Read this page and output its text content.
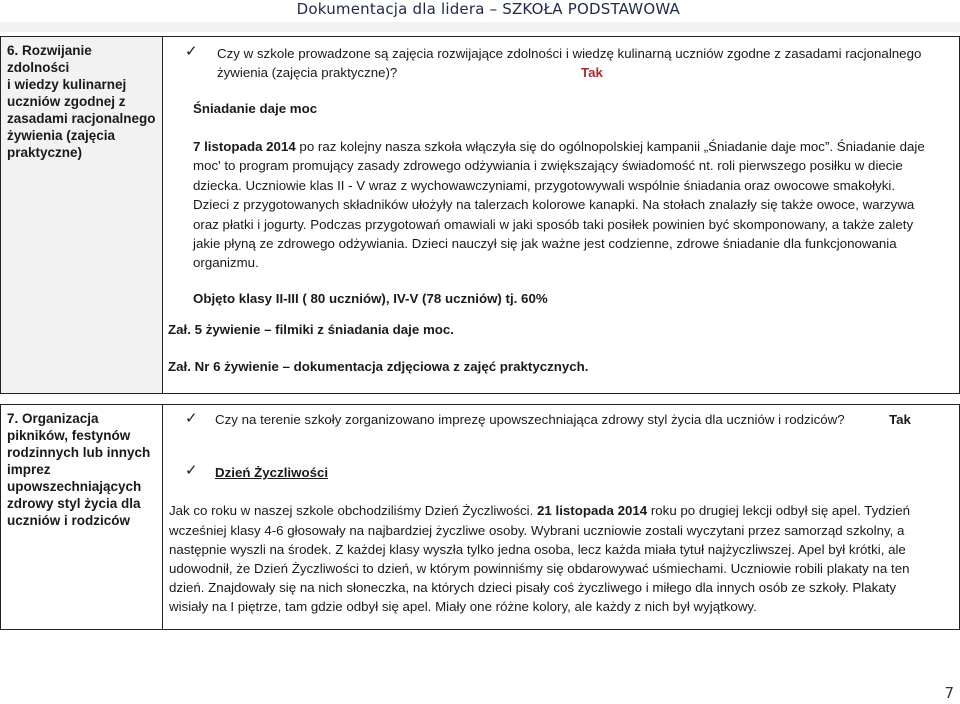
Dokumentacja dla lidera – SZKOŁA PODSTAWOWA
6. Rozwijanie zdolności
i wiedzy kulinarnej
uczniów zgodnej z
zasadami racjonalnego
żywienia (zajęcia
praktyczne)
✓ Czy w szkole prowadzone są zajęcia rozwijające zdolności i wiedzę kulinarną uczniów zgodne z zasadami racjonalnego
żywienia (zajęcia praktyczne)?	Tak
Śniadanie daje moc
7 listopada 2014 po raz kolejny nasza szkoła włączyła się do ogólnopolskiej kampanii „Śniadanie daje moc”. Śniadanie daje
moc' to program promujący zasady zdrowego odżywiania i zwiększający świadomość nt. roli pierwszego posiłku w diecie
dziecka. Uczniowie klas II - V wraz z wychowawczyniami, przygotowywali wspólnie śniadania oraz owocowe smakołyki.
Dzieci z przygotowanych składników ułożyły na talerzach kolorowe kanapki. Na stołach znalazły się także owoce, warzywa
oraz płatki i jogurty. Podczas przygotowań omawiali w jaki sposób taki posiłek powinien być skomponowany, a także zalety
jakie płyną ze zdrowego odżywiania. Dzieci nauczył się jak ważne jest codzienne, zdrowe śniadanie dla funkcjonowania
organizmu.
Objęto klasy II-III ( 80 uczniów), IV-V (78 uczniów) tj. 60%
Zał. 5 żywienie – filmiki z śniadania daje moc.
Zał. Nr 6 żywienie – dokumentacja zdjęciowa z zajęć praktycznych.
7. Organizacja
pikników, festynów
rodzinnych lub innych
imprez
upowszechniających
zdrowy styl życia dla
uczniów i rodziców
✓ Czy na terenie szkoły zorganizowano imprezę upowszechniająca zdrowy styl życia dla uczniów i rodziców?	Tak
✓ Dzień Życzliwości
Jak co roku w naszej szkole obchodziliśmy Dzień Życzliwości. 21 listopada 2014 roku po drugiej lekcji odbył się apel. Tydzień
wcześniej klasy 4-6 głosowały na najbardziej życzliwe osoby. Wybrani uczniowie zostali wyczytani przez samorząd szkolny, a
następnie wyszli na środek. Z każdej klasy wyszła tylko jedna osoba, lecz każda miała tytuł najżyczliwszej. Apel był krótki, ale
udowodnił, że Dzień Życzliwości to dzień, w którym powinniśmy się obdarowywać uśmiechami. Uczniowie robili plakaty na ten
dzień. Znajdowały się na nich słoneczka, na których dzieci pisały coś życzliwego i miłego dla innych osób ze szkoły. Plakaty
wisiały na I piętrze, tam gdzie odbył się apel. Miały one różne kolory, ale każdy z nich był wyjątkowy.
7
